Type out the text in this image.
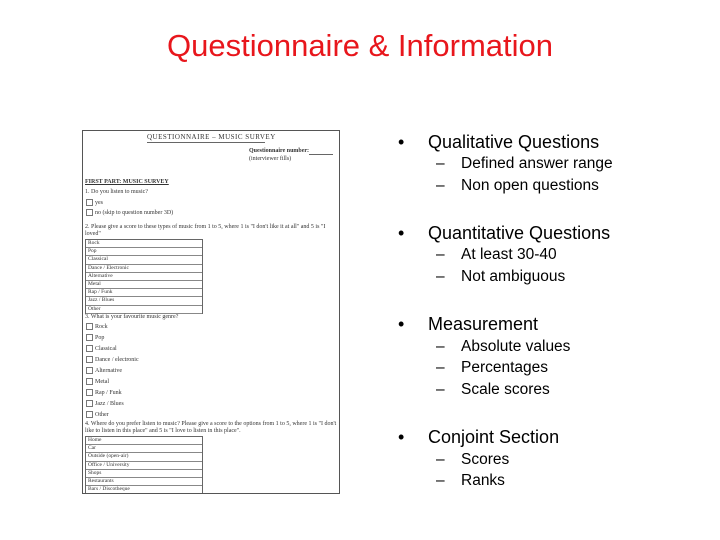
Questionnaire & Information
QUESTIONNAIRE – MUSIC SURVEY
Questionnaire number:
(interviewer fills)
FIRST PART: MUSIC SURVEY
1. Do you listen to music?
yes
no (skip to question number 3D)
2. Please give a score to these types of music from 1 to 5, where 1 is "I don't like it at all" and 5 is "I loved"
Rock
Pop
Classical
Dance / Electronic
Alternative
Metal
Rap / Funk
Jazz / Blues
Other
3. What is your favourite music genre?
Rock
Pop
Classical
Dance / electronic
Alternative
Metal
Rap / Funk
Jazz / Blues
Other
4. Where do you prefer listen to music? Please give a score to the options from 1 to 5, where 1 is "I don't like to listen in this place" and 5 is "I love to listen in this place".
Home
Car
Outside (open-air)
Office / University
Shops
Restaurants
Bars / Discotheque
• Qualitative Questions
– Defined answer range
– Non open questions
• Quantitative Questions
– At least 30-40
– Not ambiguous
• Measurement
– Absolute values
– Percentages
– Scale scores
• Conjoint Section
– Scores
– Ranks
